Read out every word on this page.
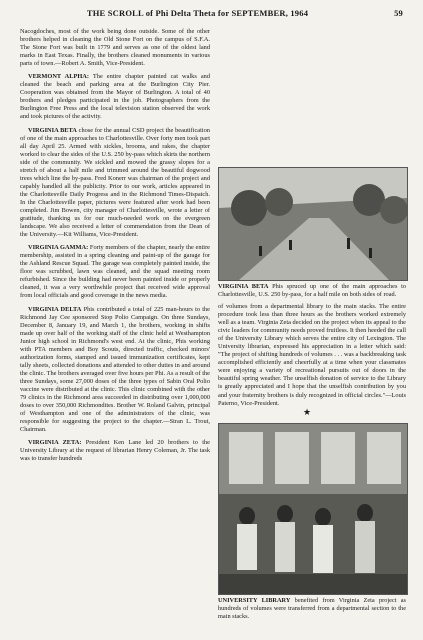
THE SCROLL of Phi Delta Theta for SEPTEMBER, 1964	59

Nacogdoches, most of the work being done outside. Some of the other brothers helped in cleaning the Old Stone Fort on the campus of S.F.A. The Stone Fort was built in 1779 and serves as one of the oldest land marks in East Texas. Finally, the brothers cleaned monuments in various parts of town.—Robert A. Smith, Vice-President.

VERMONT ALPHA: The entire chapter painted cat walks and cleaned the beach and parking area at the Burlington City Pier. Cooperation was obtained from the Mayor of Burlington. A total of 40 brothers and pledges participated in the job. Photographers from the Burlington Free Press and the local television station observed the work and took pictures of the activity.

VIRGINIA BETA chose for the annual CSD project the beautification of one of the main approaches to Charlottesville. Over forty men took part all day April 25. Armed with sickles, brooms, and rakes, the chapter worked to clear the sides of the U.S. 250 by-pass which skirts the northern side of the community. We sickled and mowed the grassy slopes for a stretch of about a half mile and trimmed around the beautiful dogwood trees which line the by-pass. Fred Konerr was chairman of the project and capably handled all the publicity. Prior to our work, articles appeared in the Charlottesville Daily Progress and in the Richmond Times-Dispatch. In the Charlottesville paper, pictures were featured after work had been completed. Jim Bowen, city manager of Charlottesville, wrote a letter of gratitude, thanking us for our much-needed work on the evergreen landscape. We also received a letter of commendation from the Dean of the University.—Kit Williams, Vice-President.

VIRGINIA GAMMA: Forty members of the chapter, nearly the entire membership, assisted in a spring cleaning and paint-up of the garage for the Ashland Rescue Squad. The garage was completely painted inside, the floor was scrubbed, lawn was cleaned, and the squad meeting room refurbished. Since the building had never been painted inside or properly cleaned, it was a very worthwhile project that received wide approval from local officials and good coverage in the news media.

VIRGINIA DELTA Phis contributed a total of 225 man-hours to the Richmond Jay Cee sponsored Stop Polio Campaign. On three Sundays, December 8, January 19, and March 1, the brothers, working in shifts made up over half of the working staff of the clinic held at Westhampton Junior high school in Richmond's west end. At the clinic, Phis working with PTA members and Boy Scouts, directed traffic, checked minors' authorization forms, stamped and issued immunization certificates, kept tally sheets, collected donations and attended to other duties in and around the clinic. The brothers averaged over five hours per Phi. As a result of the three Sundays, some 27,000 doses of the three types of Sabin Oral Polio vaccine were distributed at the clinic. This clinic combined with the other 79 clinics in the Richmond area succeeded in distributing over 1,000,000 doses to over 350,000 Richmondites. Brother W. Roland Galvin, principal of Westhampton and one of the administrators of the clinic, was responsible for suggesting the project to the chapter.—Stran L. Trout, Chairman.

VIRGINIA ZETA: President Ken Lane led 20 brothers to the University Library at the request of librarian Henry Coleman, Jr. The task was to transfer hundreds

VIRGINIA BETA Phis spruced up one of the main approaches to Charlottesville, U.S. 250 by-pass, for a half mile on both sides of road.

of volumes from a departmental library to the main stacks. The entire procedure took less than three hours as the brothers worked extremely well as a team. Virginia Zeta decided on the project when its appeal to the civic leaders for community needs proved fruitless. It then heeded the call of the University Library which serves the entire city of Lexington. The University librarian, expressed his appreciation in a letter which said: "The project of shifting hundreds of volumes . . . was a backbreaking task accomplished efficiently and cheerfully at a time when your classmates were enjoying a variety of recreational pursuits out of doors in the beautiful spring weather. The unselfish donation of service to the Library is greatly appreciated and I hope that the unselfish contribution by you and your fraternity brothers is duly recognized in official circles."—Louis Paterno, Vice-President.

★
UNIVERSITY LIBRARY benefited from Virginia Zeta project as hundreds of volumes were transferred from a departmental section to the main stacks.
